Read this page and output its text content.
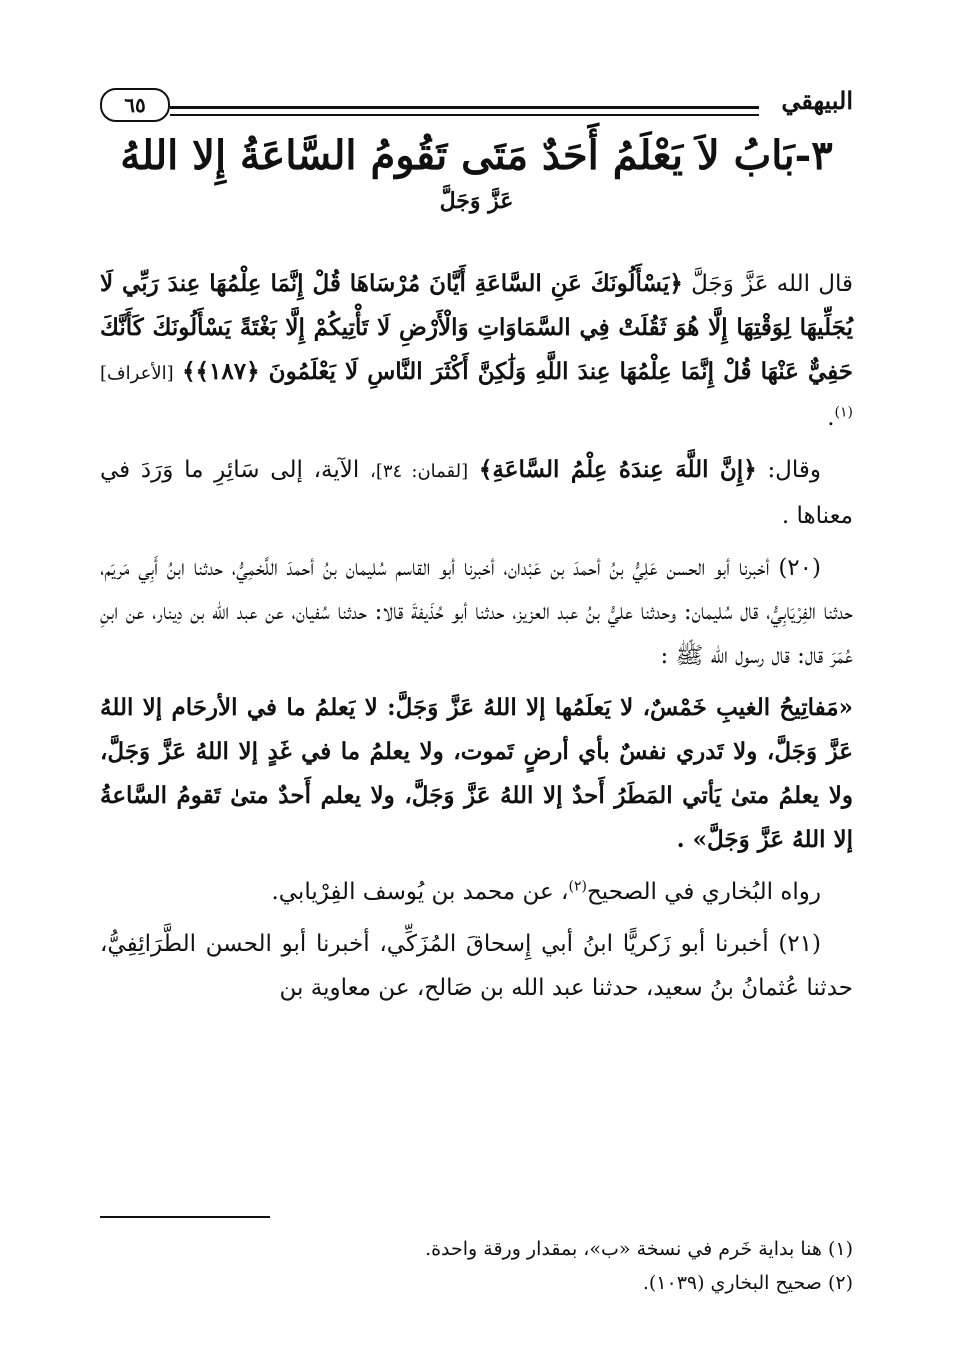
البيهقي
٦٥
٣-بَابُ لاَ يَعْلَمُ أَحَدٌ مَتَى تَقُومُ السَّاعَةُ إِلا اللهُ
عَزَّ وَجَلَّ

قال الله عَزَّ وَجَلَّ ﴿يَسْأَلُونَكَ عَنِ السَّاعَةِ أَيَّانَ مُرْسَاهَا قُلْ إِنَّمَا عِلْمُهَا عِندَ رَبِّي لَا يُجَلِّيهَا لِوَقْتِهَا إِلَّا هُوَ ثَقُلَتْ فِي السَّمَاوَاتِ وَالْأَرْضِ لَا تَأْتِيكُمْ إِلَّا بَغْتَةً يَسْأَلُونَكَ كَأَنَّكَ حَفِيٌّ عَنْهَا قُلْ إِنَّمَا عِلْمُهَا عِندَ اللَّهِ وَلَٰكِنَّ أَكْثَرَ النَّاسِ لَا يَعْلَمُونَ ﴿١٨٧﴾﴾ [الأعراف]$^{(١)}$.

وقال: ﴿إِنَّ اللَّهَ عِندَهُ عِلْمُ السَّاعَةِ﴾ [لقمان: ٣٤]، الآية، إلى سَائِرِ ما وَرَدَ في معناها .

(٢٠) أخبرنا أبو الحسن عَلِيُّ بنُ أحمدَ بن عَبْدان، أخبرنا أبو القاسم سُليمان بنُ أحمدَ اللَّخمِيُّ، حدثنا ابنُ أَبِي مَريَم، حدثنا الفِرْيَابِيُّ، قال سُليمان: وحدثنا عليُّ بنُ عبد العزيز، حدثنا أبو حُذَيفةَ قالا: حدثنا سُفيان، عن عبد الله بن دِينار، عن ابنِ عُمَرَ قال: قال رسول الله ﷺ :

«مَفاتِيحُ الغيبِ خَمْسٌ، لا يَعلَمُها إلا اللهُ عَزَّ وَجَلَّ: لا يَعلمُ ما في الأرحَام إلا اللهُ عَزَّ وَجَلَّ، ولا تَدري نفسٌ بأي أرضٍ تَموت، ولا يعلمُ ما في غَدٍ إلا اللهُ عَزَّ وَجَلَّ، ولا يعلمُ متىٰ يَأتي المَطَرُ أَحدٌ إلا اللهُ عَزَّ وَجَلَّ، ولا يعلم أَحدٌ متىٰ تَقومُ السَّاعةُ إلا اللهُ عَزَّ وَجَلَّ» .

رواه البُخاري في الصحيح$^{(٢)}$، عن محمد بن يُوسف الفِرْيابي.

(٢١) أخبرنا أبو زَكريًّا ابنُ أبي إِسحاقَ المُزَكِّي، أخبرنا أبو الحسن الطَّرَائِفِيُّ، حدثنا عُثمانُ بنُ سعيد، حدثنا عبد الله بن صَالح، عن معاوية بن

(١) هنا بداية خَرم في نسخة «ب»، بمقدار ورقة واحدة.
(٢) صحيح البخاري (١٠٣٩).
